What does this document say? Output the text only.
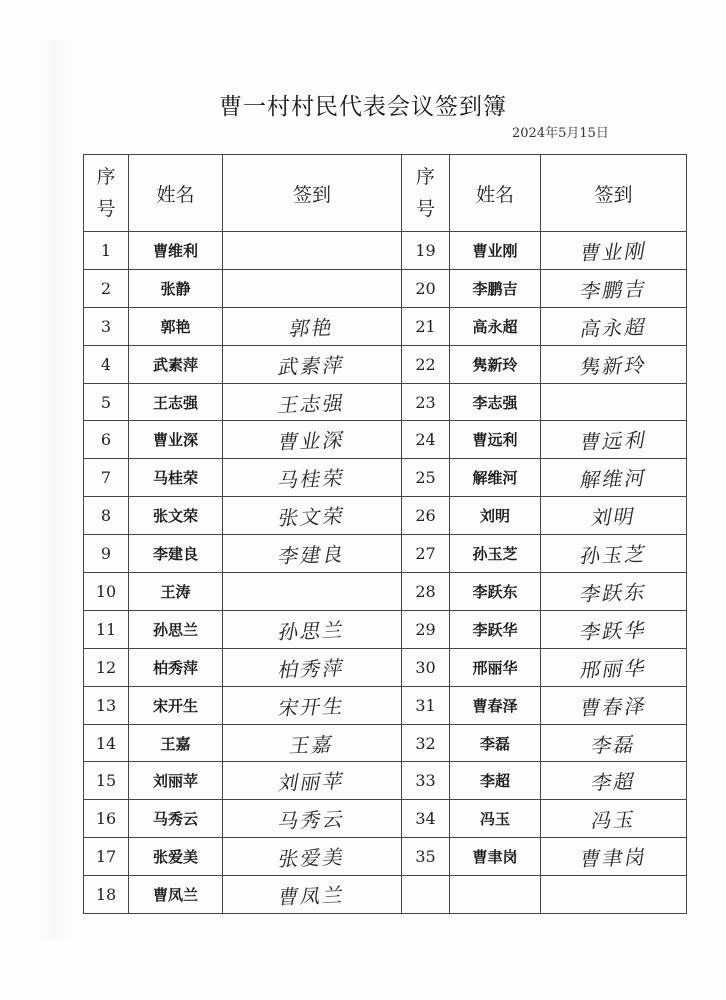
曹一村村民代表会议签到簿
2024年5月15日
序
号	姓名	签到	序
号	姓名	签到
1	曹维利		19	曹业刚	曹业刚
2	张静		20	李鹏吉	李鹏吉
3	郭艳	郭艳	21	高永超	高永超
4	武素萍	武素萍	22	隽新玲	隽新玲
5	王志强	王志强	23	李志强	
6	曹业深	曹业深	24	曹远利	曹远利
7	马桂荣	马桂荣	25	解维河	解维河
8	张文荣	张文荣	26	刘明	刘明
9	李建良	李建良	27	孙玉芝	孙玉芝
10	王涛		28	李跃东	李跃东
11	孙思兰	孙思兰	29	李跃华	李跃华
12	柏秀萍	柏秀萍	30	邢丽华	邢丽华
13	宋开生	宋开生	31	曹春泽	曹春泽
14	王嘉	王嘉	32	李磊	李磊
15	刘丽苹	刘丽苹	33	李超	李超
16	马秀云	马秀云	34	冯玉	冯玉
17	张爱美	张爱美	35	曹聿岗	曹聿岗
18	曹凤兰	曹凤兰			
